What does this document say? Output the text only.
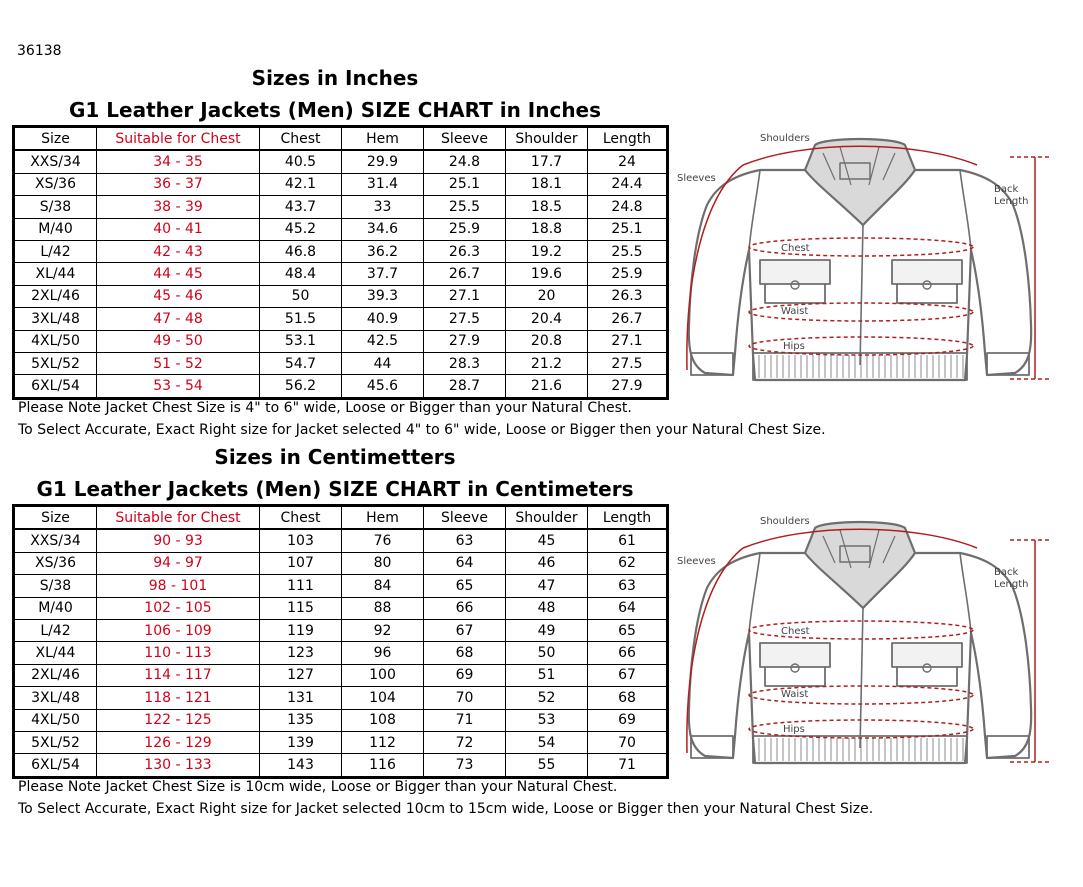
36138
Sizes in Inches
G1 Leather Jackets (Men) SIZE CHART in Inches
Size	Suitable for Chest	Chest	Hem	Sleeve	Shoulder	Length
XXS/34	34 - 35	40.5	29.9	24.8	17.7	24
XS/36	36 - 37	42.1	31.4	25.1	18.1	24.4
S/38	38 - 39	43.7	33	25.5	18.5	24.8
M/40	40 - 41	45.2	34.6	25.9	18.8	25.1
L/42	42 - 43	46.8	36.2	26.3	19.2	25.5
XL/44	44 - 45	48.4	37.7	26.7	19.6	25.9
2XL/46	45 - 46	50	39.3	27.1	20	26.3
3XL/48	47 - 48	51.5	40.9	27.5	20.4	26.7
4XL/50	49 - 50	53.1	42.5	27.9	20.8	27.1
5XL/52	51 - 52	54.7	44	28.3	21.2	27.5
6XL/54	53 - 54	56.2	45.6	28.7	21.6	27.9
Please Note Jacket Chest Size is 4" to 6" wide, Loose or Bigger than your Natural Chest.
To Select Accurate, Exact Right size for Jacket selected 4" to 6" wide, Loose or Bigger then your Natural Chest Size.
Sizes in Centimetters
G1 Leather Jackets (Men) SIZE CHART in Centimeters
Size	Suitable for Chest	Chest	Hem	Sleeve	Shoulder	Length
XXS/34	90 - 93	103	76	63	45	61
XS/36	94 - 97	107	80	64	46	62
S/38	98 - 101	111	84	65	47	63
M/40	102 - 105	115	88	66	48	64
L/42	106 - 109	119	92	67	49	65
XL/44	110 - 113	123	96	68	50	66
2XL/46	114 - 117	127	100	69	51	67
3XL/48	118 - 121	131	104	70	52	68
4XL/50	122 - 125	135	108	71	53	69
5XL/52	126 - 129	139	112	72	54	70
6XL/54	130 - 133	143	116	73	55	71
Please Note Jacket Chest Size is 10cm wide, Loose or Bigger than your Natural Chest.
To Select Accurate, Exact Right size for Jacket selected 10cm to 15cm wide, Loose or Bigger then your Natural Chest Size.
Shoulders
Sleeves
Back
Length
Chest
Waist
Hips
Shoulders
Sleeves
Back
Length
Chest
Waist
Hips
